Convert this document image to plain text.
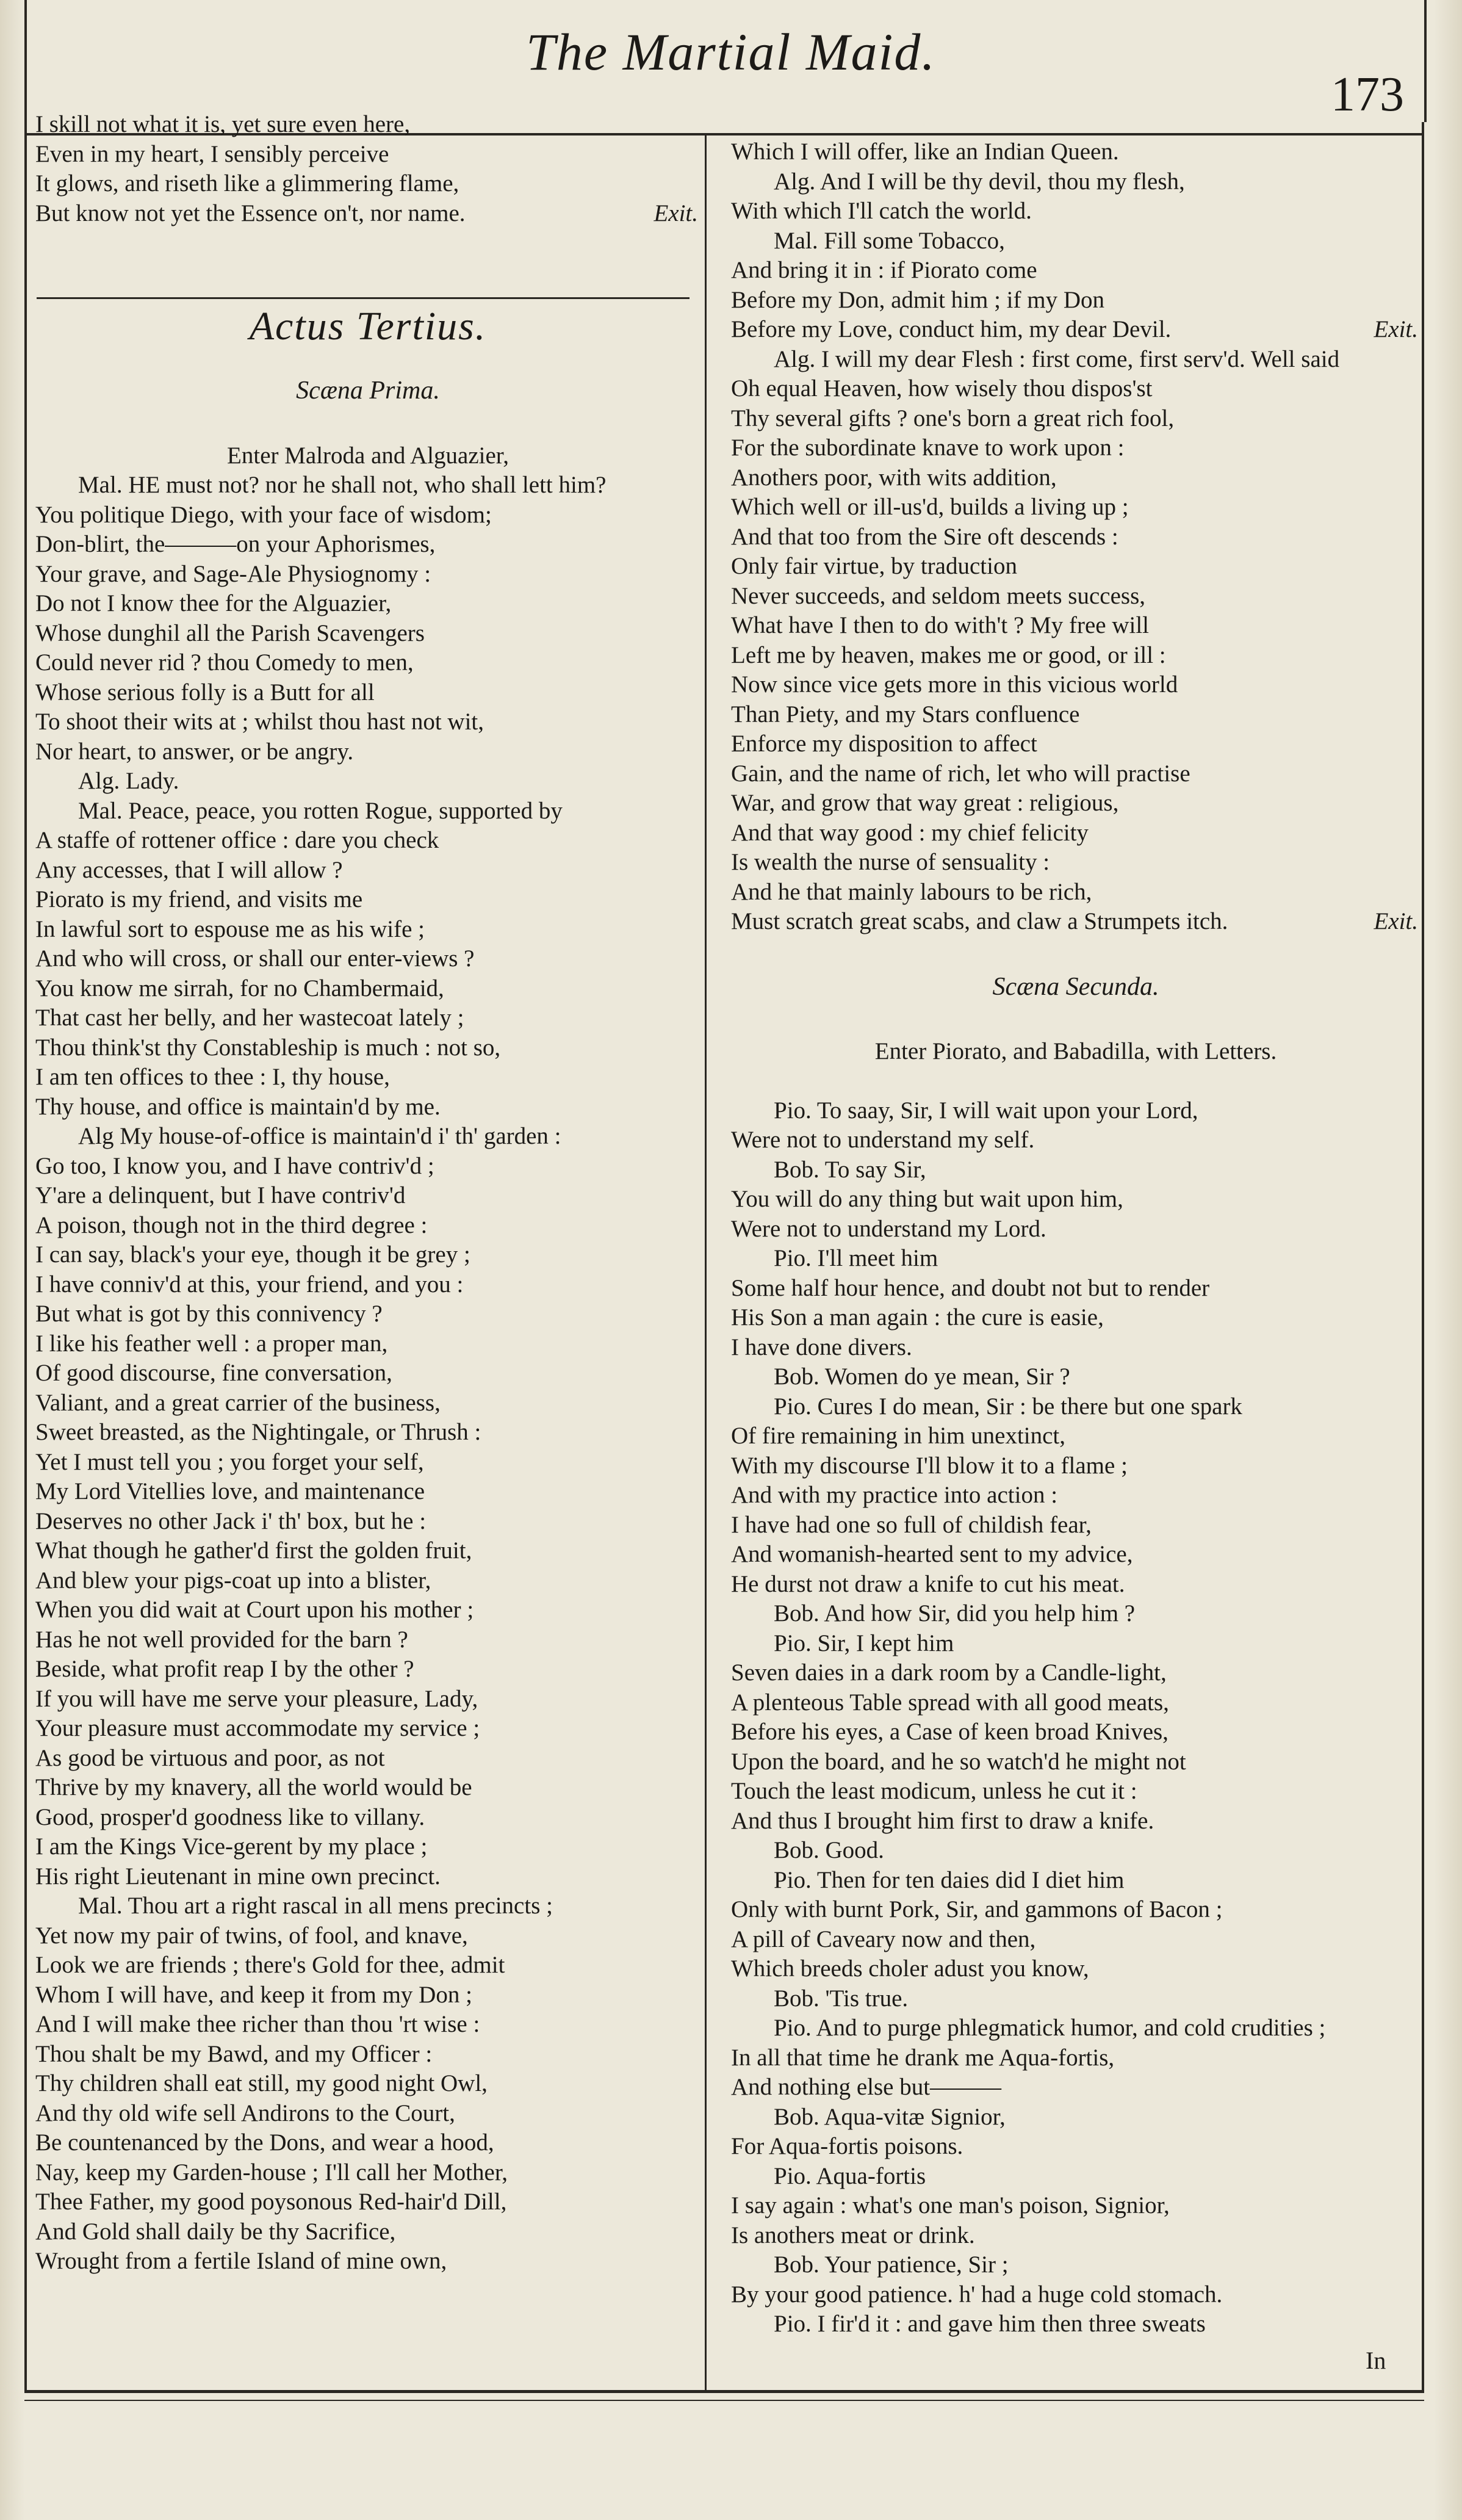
The Martial Maid.
173
I skill not what it is, yet sure even here,
Even in my heart, I sensibly perceive
It glows, and riseth like a glimmering flame,
But know not yet the Essence on't, nor name.	Exit.
Actus Tertius.
Scæna Prima.
Enter Malroda and Alguazier,
Mal. HE must not? nor he shall not, who shall lett him?
You politique Diego, with your face of wisdom;
Don-blirt, the———on your Aphorismes,
Your grave, and Sage-Ale Physiognomy :
Do not I know thee for the Alguazier,
Whose dunghil all the Parish Scavengers
Could never rid ? thou Comedy to men,
Whose serious folly is a Butt for all
To shoot their wits at ; whilst thou hast not wit,
Nor heart, to answer, or be angry.
Alg. Lady.
Mal. Peace, peace, you rotten Rogue, supported by
A staffe of rottener office : dare you check
Any accesses, that I will allow ?
Piorato is my friend, and visits me
In lawful sort to espouse me as his wife ;
And who will cross, or shall our enter-views ?
You know me sirrah, for no Chambermaid,
That cast her belly, and her wastecoat lately ;
Thou think'st thy Constableship is much : not so,
I am ten offices to thee : I, thy house,
Thy house, and office is maintain'd by me.
Alg My house-of-office is maintain'd i' th' garden :
Go too, I know you, and I have contriv'd ;
Y'are a delinquent, but I have contriv'd
A poison, though not in the third degree :
I can say, black's your eye, though it be grey ;
I have conniv'd at this, your friend, and you :
But what is got by this connivency ?
I like his feather well : a proper man,
Of good discourse, fine conversation,
Valiant, and a great carrier of the business,
Sweet breasted, as the Nightingale, or Thrush :
Yet I must tell you ; you forget your self,
My Lord Vitellies love, and maintenance
Deserves no other Jack i' th' box, but he :
What though he gather'd first the golden fruit,
And blew your pigs-coat up into a blister,
When you did wait at Court upon his mother ;
Has he not well provided for the barn ?
Beside, what profit reap I by the other ?
If you will have me serve your pleasure, Lady,
Your pleasure must accommodate my service ;
As good be virtuous and poor, as not
Thrive by my knavery, all the world would be
Good, prosper'd goodness like to villany.
I am the Kings Vice-gerent by my place ;
His right Lieutenant in mine own precinct.
Mal. Thou art a right rascal in all mens precincts ;
Yet now my pair of twins, of fool, and knave,
Look we are friends ; there's Gold for thee, admit
Whom I will have, and keep it from my Don ;
And I will make thee richer than thou 'rt wise :
Thou shalt be my Bawd, and my Officer :
Thy children shall eat still, my good night Owl,
And thy old wife sell Andirons to the Court,
Be countenanced by the Dons, and wear a hood,
Nay, keep my Garden-house ; I'll call her Mother,
Thee Father, my good poysonous Red-hair'd Dill,
And Gold shall daily be thy Sacrifice,
Wrought from a fertile Island of mine own,
Which I will offer, like an Indian Queen.
Alg. And I will be thy devil, thou my flesh,
With which I'll catch the world.
Mal. Fill some Tobacco,
And bring it in : if Piorato come
Before my Don, admit him ; if my Don
Before my Love, conduct him, my dear Devil.	Exit.
Alg. I will my dear Flesh : first come, first serv'd. Well said
Oh equal Heaven, how wisely thou dispos'st
Thy several gifts ? one's born a great rich fool,
For the subordinate knave to work upon :
Anothers poor, with wits addition,
Which well or ill-us'd, builds a living up ;
And that too from the Sire oft descends :
Only fair virtue, by traduction
Never succeeds, and seldom meets success,
What have I then to do with't ? My free will
Left me by heaven, makes me or good, or ill :
Now since vice gets more in this vicious world
Than Piety, and my Stars confluence
Enforce my disposition to affect
Gain, and the name of rich, let who will practise
War, and grow that way great : religious,
And that way good : my chief felicity
Is wealth the nurse of sensuality :
And he that mainly labours to be rich,
Must scratch great scabs, and claw a Strumpets itch.	Exit.
Scæna Secunda.
Enter Piorato, and Babadilla, with Letters.
Pio. To saay, Sir, I will wait upon your Lord,
Were not to understand my self.
Bob. To say Sir,
You will do any thing but wait upon him,
Were not to understand my Lord.
Pio. I'll meet him
Some half hour hence, and doubt not but to render
His Son a man again : the cure is easie,
I have done divers.
Bob. Women do ye mean, Sir ?
Pio. Cures I do mean, Sir : be there but one spark
Of fire remaining in him unextinct,
With my discourse I'll blow it to a flame ;
And with my practice into action :
I have had one so full of childish fear,
And womanish-hearted sent to my advice,
He durst not draw a knife to cut his meat.
Bob. And how Sir, did you help him ?
Pio. Sir, I kept him
Seven daies in a dark room by a Candle-light,
A plenteous Table spread with all good meats,
Before his eyes, a Case of keen broad Knives,
Upon the board, and he so watch'd he might not
Touch the least modicum, unless he cut it :
And thus I brought him first to draw a knife.
Bob. Good.
Pio. Then for ten daies did I diet him
Only with burnt Pork, Sir, and gammons of Bacon ;
A pill of Caveary now and then,
Which breeds choler adust you know,
Bob. 'Tis true.
Pio. And to purge phlegmatick humor, and cold crudities ;
In all that time he drank me Aqua-fortis,
And nothing else but———
Bob. Aqua-vitæ Signior,
For Aqua-fortis poisons.
Pio. Aqua-fortis
I say again : what's one man's poison, Signior,
Is anothers meat or drink.
Bob. Your patience, Sir ;
By your good patience. h' had a huge cold stomach.
Pio. I fir'd it : and gave him then three sweats
In
